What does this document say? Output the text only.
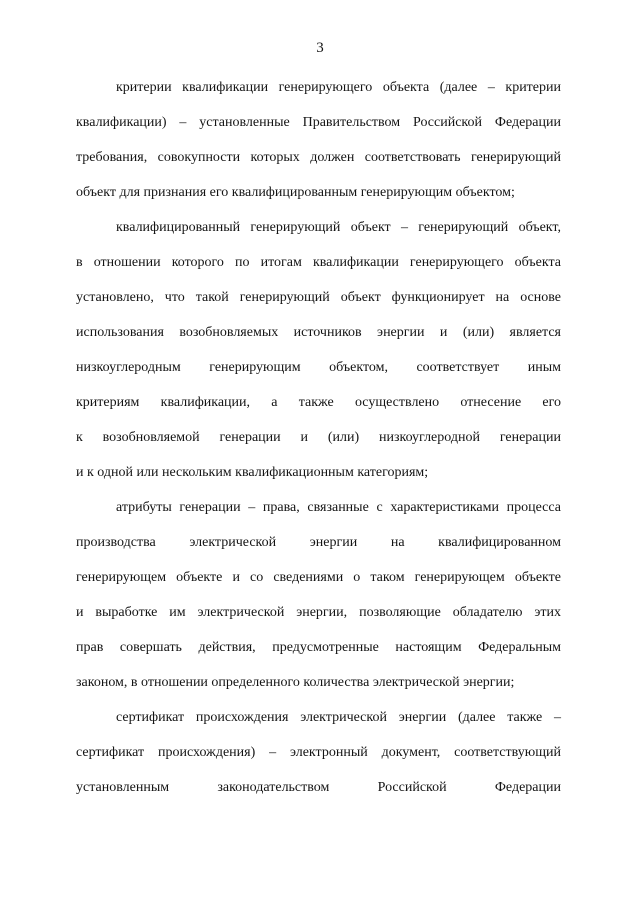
3

критерии квалификации генерирующего объекта (далее – критерии
квалификации) – установленные Правительством Российской Федерации
требования, совокупности которых должен соответствовать генерирующий
объект для признания его квалифицированным генерирующим объектом;

квалифицированный генерирующий объект – генерирующий объект,
в отношении которого по итогам квалификации генерирующего объекта
установлено, что такой генерирующий объект функционирует на основе
использования возобновляемых источников энергии и (или) является
низкоуглеродным генерирующим объектом, соответствует иным
критериям квалификации, а также осуществлено отнесение его
к возобновляемой генерации и (или) низкоуглеродной генерации
и к одной или нескольким квалификационным категориям;

атрибуты генерации – права, связанные с характеристиками процесса
производства электрической энергии на квалифицированном
генерирующем объекте и со сведениями о таком генерирующем объекте
и выработке им электрической энергии, позволяющие обладателю этих
прав совершать действия, предусмотренные настоящим Федеральным
законом, в отношении определенного количества электрической энергии;

сертификат происхождения электрической энергии (далее также –
сертификат происхождения) – электронный документ, соответствующий
установленным законодательством Российской Федерации
